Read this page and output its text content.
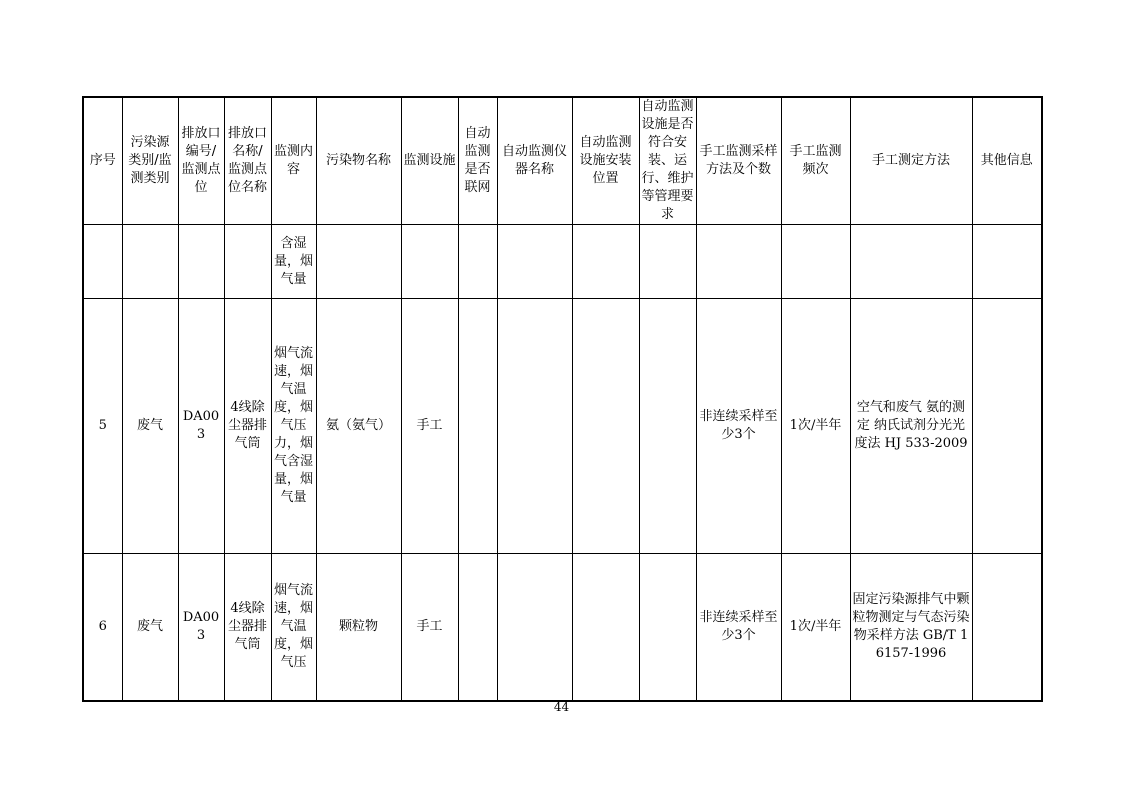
序号	污染源类别/监测类别	排放口编号/监测点位	排放口名称/监测点位名称	监测内容	污染物名称	监测设施	自动监测是否联网	自动监测仪器名称	自动监测设施安装位置	自动监测设施是否符合安装、运行、维护等管理要求	手工监测采样方法及个数	手工监测频次	手工测定方法	其他信息
				含湿量，烟气量										
5	废气	DA003	4线除尘器排气筒	烟气流速，烟气温度，烟气压力，烟气含湿量，烟气量	氨（氨气）	手工					非连续采样至少3个	1次/半年	空气和废气 氨的测定 纳氏试剂分光光度法 HJ 533-2009	
6	废气	DA003	4线除尘器排气筒	烟气流速，烟气温度，烟气压	颗粒物	手工					非连续采样至少3个	1次/半年	固定污染源排气中颗粒物测定与气态污染物采样方法 GB/T 16157-1996	
44
